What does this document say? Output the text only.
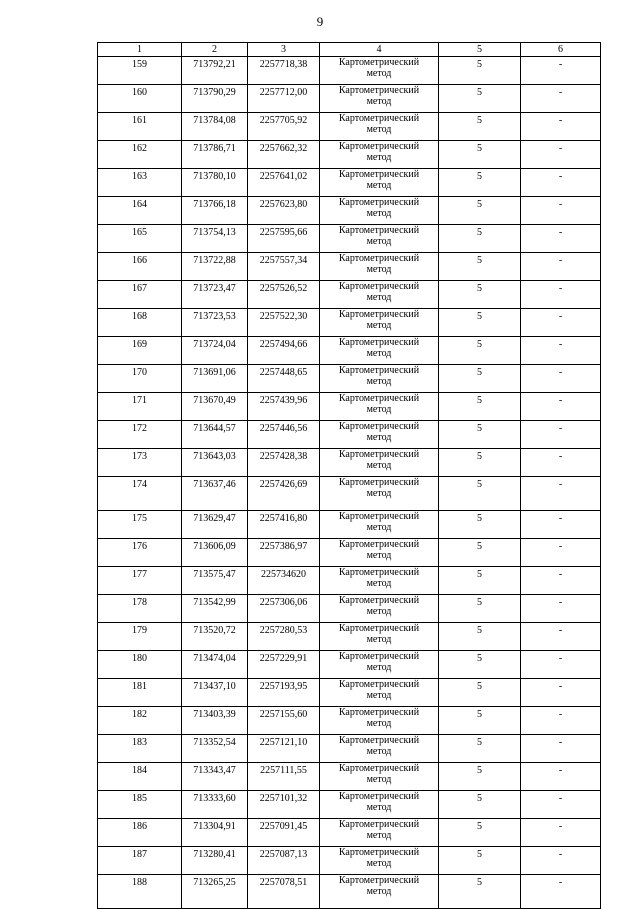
9
1	2	3	4	5	6
159	713792,21	2257718,38	Картометрический
метод	5	-
160	713790,29	2257712,00	Картометрический
метод	5	-
161	713784,08	2257705,92	Картометрический
метод	5	-
162	713786,71	2257662,32	Картометрический
метод	5	-
163	713780,10	2257641,02	Картометрический
метод	5	-
164	713766,18	2257623,80	Картометрический
метод	5	-
165	713754,13	2257595,66	Картометрический
метод	5	-
166	713722,88	2257557,34	Картометрический
метод	5	-
167	713723,47	2257526,52	Картометрический
метод	5	-
168	713723,53	2257522,30	Картометрический
метод	5	-
169	713724,04	2257494,66	Картометрический
метод	5	-
170	713691,06	2257448,65	Картометрический
метод	5	-
171	713670,49	2257439,96	Картометрический
метод	5	-
172	713644,57	2257446,56	Картометрический
метод	5	-
173	713643,03	2257428,38	Картометрический
метод	5	-
174	713637,46	2257426,69	Картометрический
метод	5	-
175	713629,47	2257416,80	Картометрический
метод	5	-
176	713606,09	2257386,97	Картометрический
метод	5	-
177	713575,47	225734620	Картометрический
метод	5	-
178	713542,99	2257306,06	Картометрический
метод	5	-
179	713520,72	2257280,53	Картометрический
метод	5	-
180	713474,04	2257229,91	Картометрический
метод	5	-
181	713437,10	2257193,95	Картометрический
метод	5	-
182	713403,39	2257155,60	Картометрический
метод	5	-
183	713352,54	2257121,10	Картометрический
метод	5	-
184	713343,47	2257111,55	Картометрический
метод	5	-
185	713333,60	2257101,32	Картометрический
метод	5	-
186	713304,91	2257091,45	Картометрический
метод	5	-
187	713280,41	2257087,13	Картометрический
метод	5	-
188	713265,25	2257078,51	Картометрический
метод	5	-
